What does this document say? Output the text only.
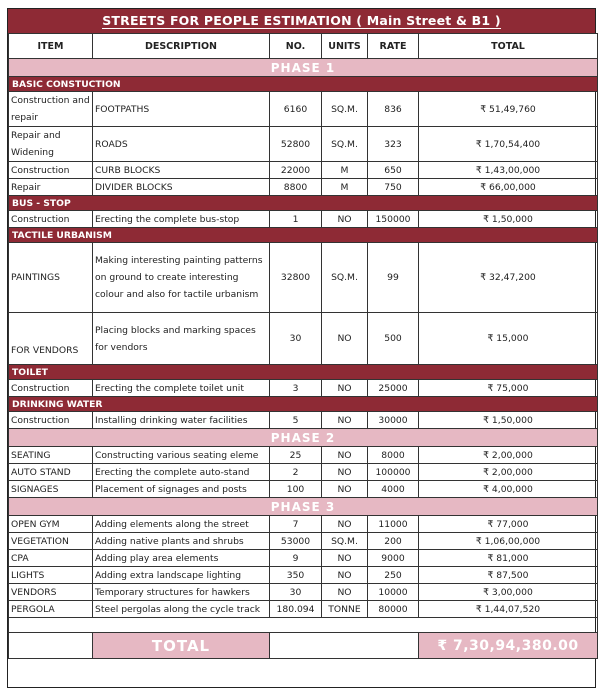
STREETS FOR PEOPLE ESTIMATION ( Main Street & B1 )
ITEM	DESCRIPTION	NO.	UNITS	RATE	TOTAL
PHASE 1					
BASIC CONSTUCTION					
Construction and repair	FOOTPATHS	6160	SQ.M.	836	₹ 51,49,760
Repair and Widening	ROADS	52800	SQ.M.	323	₹ 1,70,54,400
Construction	CURB BLOCKS	22000	M	650	₹ 1,43,00,000
Repair	DIVIDER BLOCKS	8800	M	750	₹ 66,00,000
BUS - STOP					
Construction	Erecting the complete bus-stop	1	NO	150000	₹ 1,50,000
TACTILE URBANISM					
PAINTINGS	Making interesting painting patterns on ground to create interesting colour and also for tactile urbanism	32800	SQ.M.	99	₹ 32,47,200
FOR VENDORS	Placing blocks and marking spaces for vendors	30	NO	500	₹ 15,000
TOILET					
Construction	Erecting the complete toilet unit	3	NO	25000	₹ 75,000
DRINKING WATER					
Construction	Installing drinking water facilities	5	NO	30000	₹ 1,50,000
PHASE 2					
SEATING	Constructing various seating eleme	25	NO	8000	₹ 2,00,000
AUTO STAND	Erecting the complete auto-stand	2	NO	100000	₹ 2,00,000
SIGNAGES	Placement of signages and posts	100	NO	4000	₹ 4,00,000
PHASE 3					
OPEN GYM	Adding elements along the street	7	NO	11000	₹ 77,000
VEGETATION	Adding native plants and shrubs	53000	SQ.M.	200	₹ 1,06,00,000
CPA	Adding play area elements	9	NO	9000	₹ 81,000
LIGHTS	Adding extra landscape lighting	350	NO	250	₹ 87,500
VENDORS	Temporary structures for hawkers	30	NO	10000	₹ 3,00,000
PERGOLA	Steel pergolas along the cycle track	180.094	TONNE	80000	₹ 1,44,07,520

	TOTAL				₹ 7,30,94,380.00
